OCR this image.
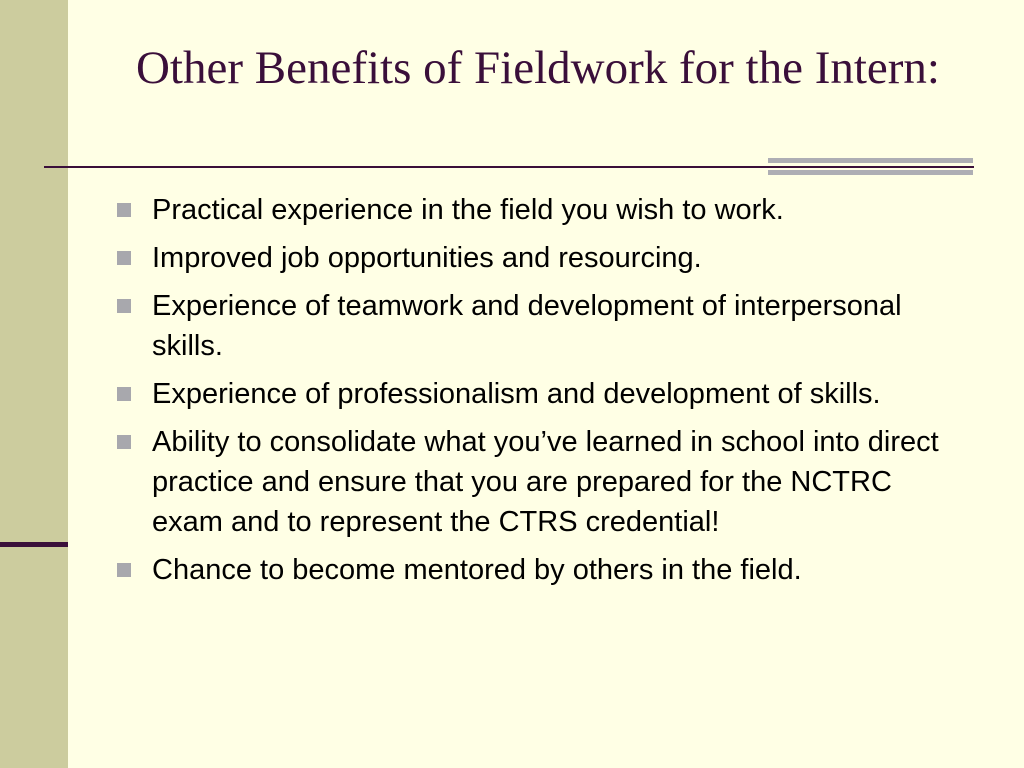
Other Benefits of Fieldwork for the Intern:
Practical experience in the field you wish to work.
Improved job opportunities and resourcing.
Experience of teamwork and development of interpersonal skills.
Experience of professionalism and development of skills.
Ability to consolidate what you’ve learned in school into direct practice and ensure that you are prepared for the NCTRC exam and to represent the CTRS credential!
Chance to become mentored by others in the field.
